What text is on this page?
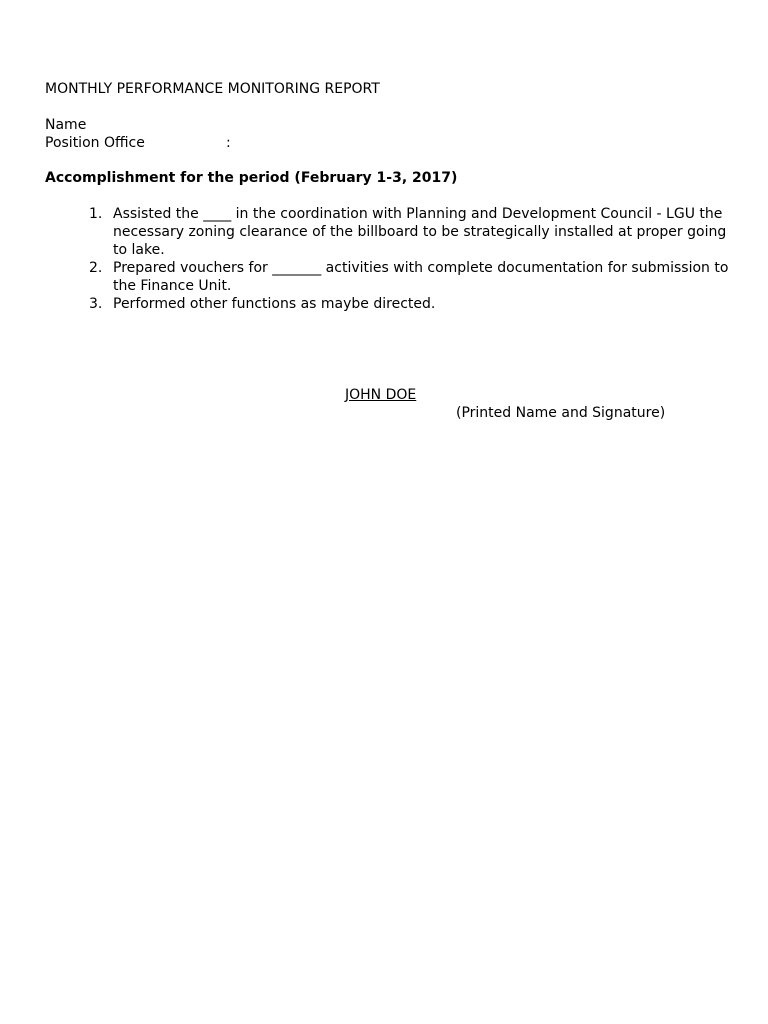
MONTHLY PERFORMANCE MONITORING REPORT
Name
Position Office	:
Accomplishment for the period (February 1-3, 2017)
1. Assisted the ____ in the coordination with Planning and Development Council - LGU the necessary zoning clearance of the billboard to be strategically installed at proper going to lake.
2. Prepared vouchers for _______ activities with complete documentation for submission to the Finance Unit.
3. Performed other functions as maybe directed.
JOHN DOE
(Printed Name and Signature)
